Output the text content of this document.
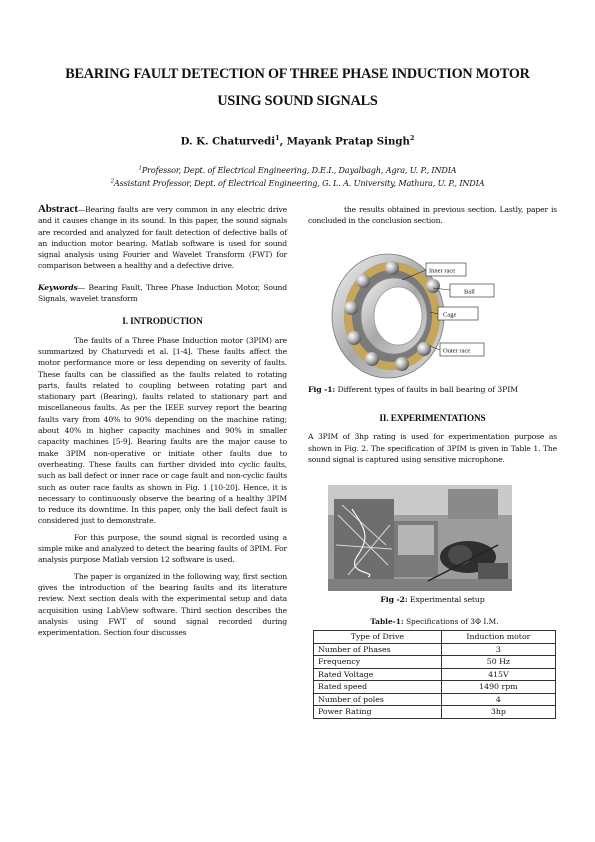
BEARING FAULT DETECTION OF THREE PHASE INDUCTION MOTOR
USING SOUND SIGNALS
D. K. Chaturvedi$^1$, Mayank Pratap Singh$^2$
$^1$Professor, Dept. of Electrical Engineering, D.E.I., Dayalbagh, Agra, U. P., INDIA
$^2$Assistant Professor, Dept. of Electrical Engineering, G. L. A. University, Mathura, U. P., INDIA

Abstract—Bearing faults are very common in any electric drive and it causes change in its sound. In this paper, the sound signals are recorded and analyzed for fault detection of defective balls of an induction motor bearing. Matlab software is used for sound signal analysis using Fourier and Wavelet Transform (FWT) for comparison between a healthy and a defective drive.

Keywords— Bearing Fault, Three Phase Induction Motor, Sound Signals, wavelet transform

I. INTRODUCTION

The faults of a Three Phase Induction motor (3PIM) are summarized by Chaturvedi et al. [1-4]. These faults affect the motor performance more or less depending on severity of faults. These faults can be classified as the faults related to rotating parts, faults related to coupling between rotating part and stationary part (Bearing), faults related to stationary part and miscellaneous faults. As per the IEEE survey report the bearing faults vary from 40% to 90% depending on the machine rating; about 40% in higher capacity machines and 90% in smaller capacity machines [5-9]. Bearing faults are the major cause to make 3PIM non-operative or initiate other faults due to overheating. These faults can further divided into cyclic faults, such as ball defect or inner race or cage fault and non-cyclic faults such as outer race faults as shown in Fig. 1 [10-20]. Hence, it is necessary to continuously observe the bearing of a healthy 3PIM to reduce its downtime. In this paper, only the ball defect fault is considered just to demonstrate.

For this purpose, the sound signal is recorded using a simple mike and analyzed to detect the bearing faults of 3PIM. For analysis purpose Matlab version 12 software is used.

The paper is organized in the following way, first section gives the introduction of the bearing faults and its literature review. Next section deals with the experimental setup and data acquisition using LabView software. Third section describes the analysis using FWT of sound signal recorded during experimentation. Section four discusses

the results obtained in previous section. Lastly, paper is concluded in the conclusion section.

Inner race
Ball
Cage
Outer race
Fig -1: Different types of faults in ball bearing of 3PIM

II. EXPERIMENTATIONS

A 3PIM of 3hp rating is used for experimentation purpose as shown in Fig. 2. The specification of 3PIM is given in Table 1. The sound signal is captured using sensitive microphone.

Fig -2: Experimental setup
Table-1: Specifications of 3Φ I.M.
Type of Drive	Induction motor
Number of Phases	3
Frequency	50 Hz
Rated Voltage	415V
Rated speed	1490 rpm
Number of poles	4
Power Rating	3hp
